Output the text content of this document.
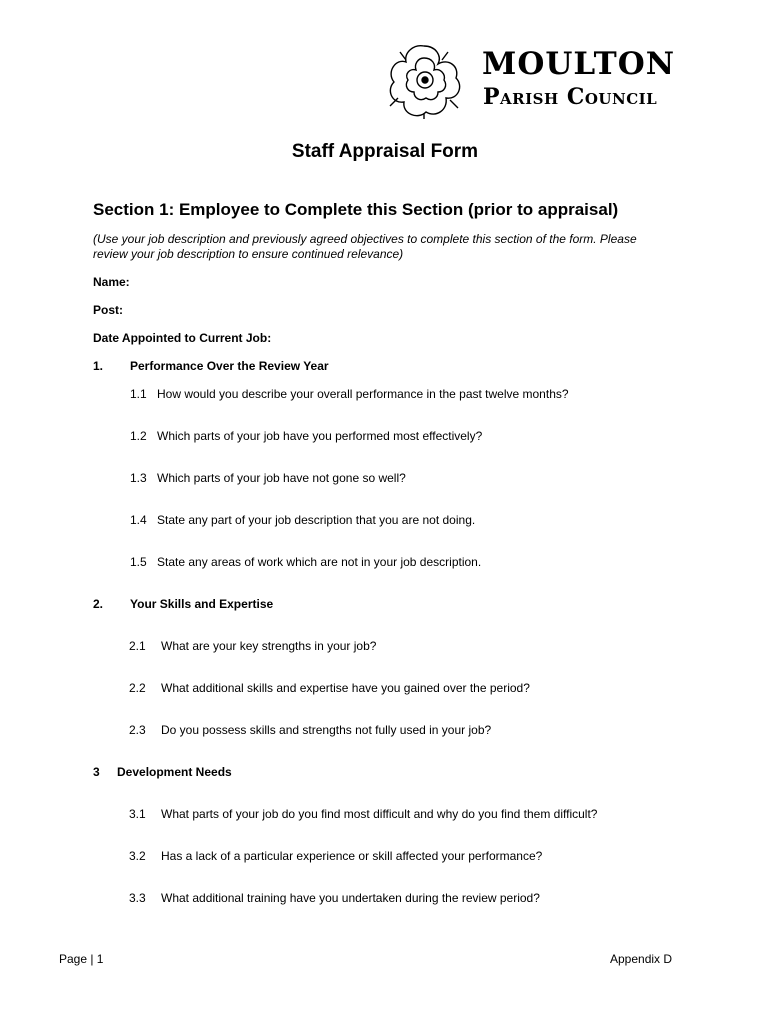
MOULTON
Parish Council
Staff Appraisal Form
Section 1: Employee to Complete this Section (prior to appraisal)
(Use your job description and previously agreed objectives to complete this section of the form. Please
review your job description to ensure continued relevance)
Name:
Post:
Date Appointed to Current Job:
1. Performance Over the Review Year
1.1 How would you describe your overall performance in the past twelve months?
1.2 Which parts of your job have you performed most effectively?
1.3 Which parts of your job have not gone so well?
1.4 State any part of your job description that you are not doing.
1.5 State any areas of work which are not in your job description.
2. Your Skills and Expertise
2.1 What are your key strengths in your job?
2.2 What additional skills and expertise have you gained over the period?
2.3 Do you possess skills and strengths not fully used in your job?
3 Development Needs
3.1 What parts of your job do you find most difficult and why do you find them difficult?
3.2 Has a lack of a particular experience or skill affected your performance?
3.3 What additional training have you undertaken during the review period?
Page | 1	Appendix D
